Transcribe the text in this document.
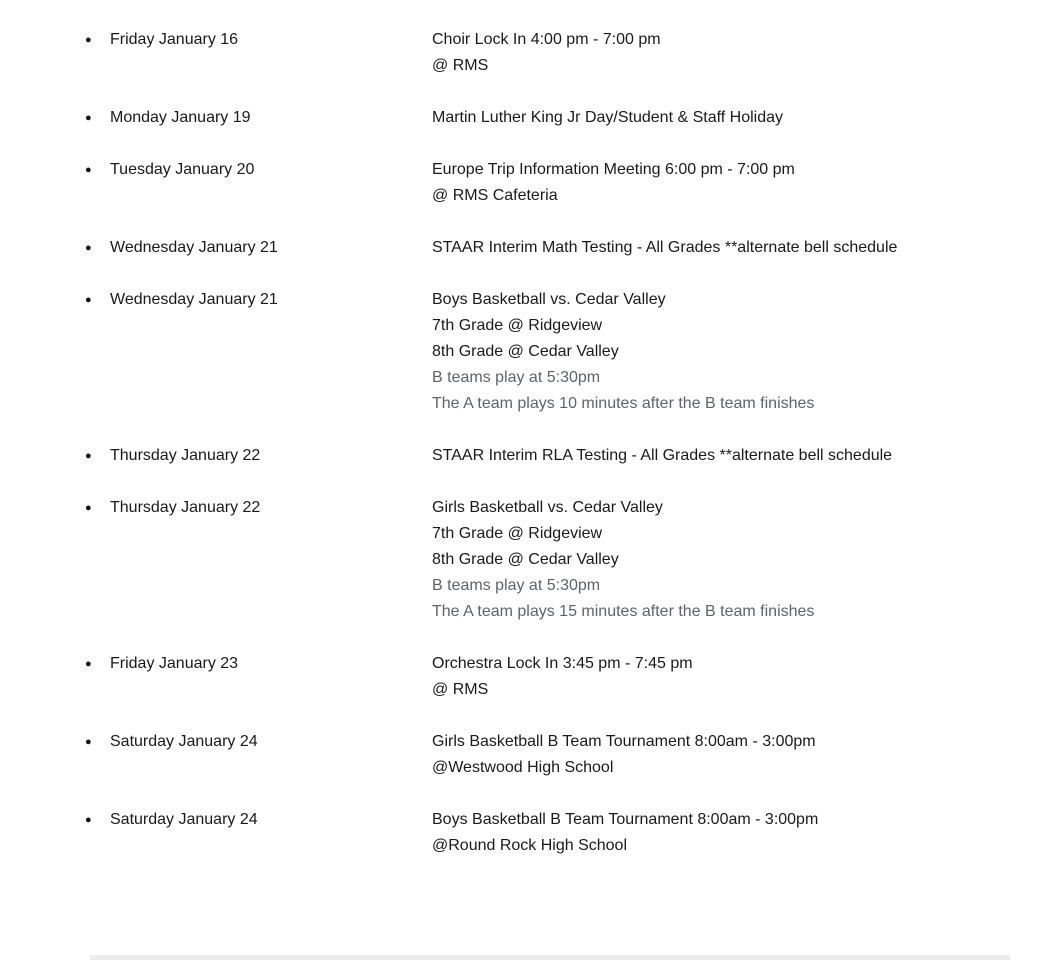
●	Friday January 16	Choir Lock In 4:00 pm - 7:00 pm
@ RMS
●	Monday January 19	Martin Luther King Jr Day/Student & Staff Holiday
●	Tuesday January 20	Europe Trip Information Meeting 6:00 pm - 7:00 pm
@ RMS Cafeteria
●	Wednesday January 21	STAAR Interim Math Testing - All Grades **alternate bell schedule
●	Wednesday January 21	Boys Basketball vs. Cedar Valley
7th Grade @ Ridgeview
8th Grade @ Cedar Valley
B teams play at 5:30pm
The A team plays 10 minutes after the B team finishes
●	Thursday January 22	STAAR Interim RLA Testing - All Grades **alternate bell schedule
●	Thursday January 22	Girls Basketball vs. Cedar Valley
7th Grade @ Ridgeview
8th Grade @ Cedar Valley
B teams play at 5:30pm
The A team plays 15 minutes after the B team finishes
●	Friday January 23	Orchestra Lock In 3:45 pm - 7:45 pm
@ RMS
●	Saturday January 24	Girls Basketball B Team Tournament 8:00am - 3:00pm
@Westwood High School
●	Saturday January 24	Boys Basketball B Team Tournament 8:00am - 3:00pm
@Round Rock High School
